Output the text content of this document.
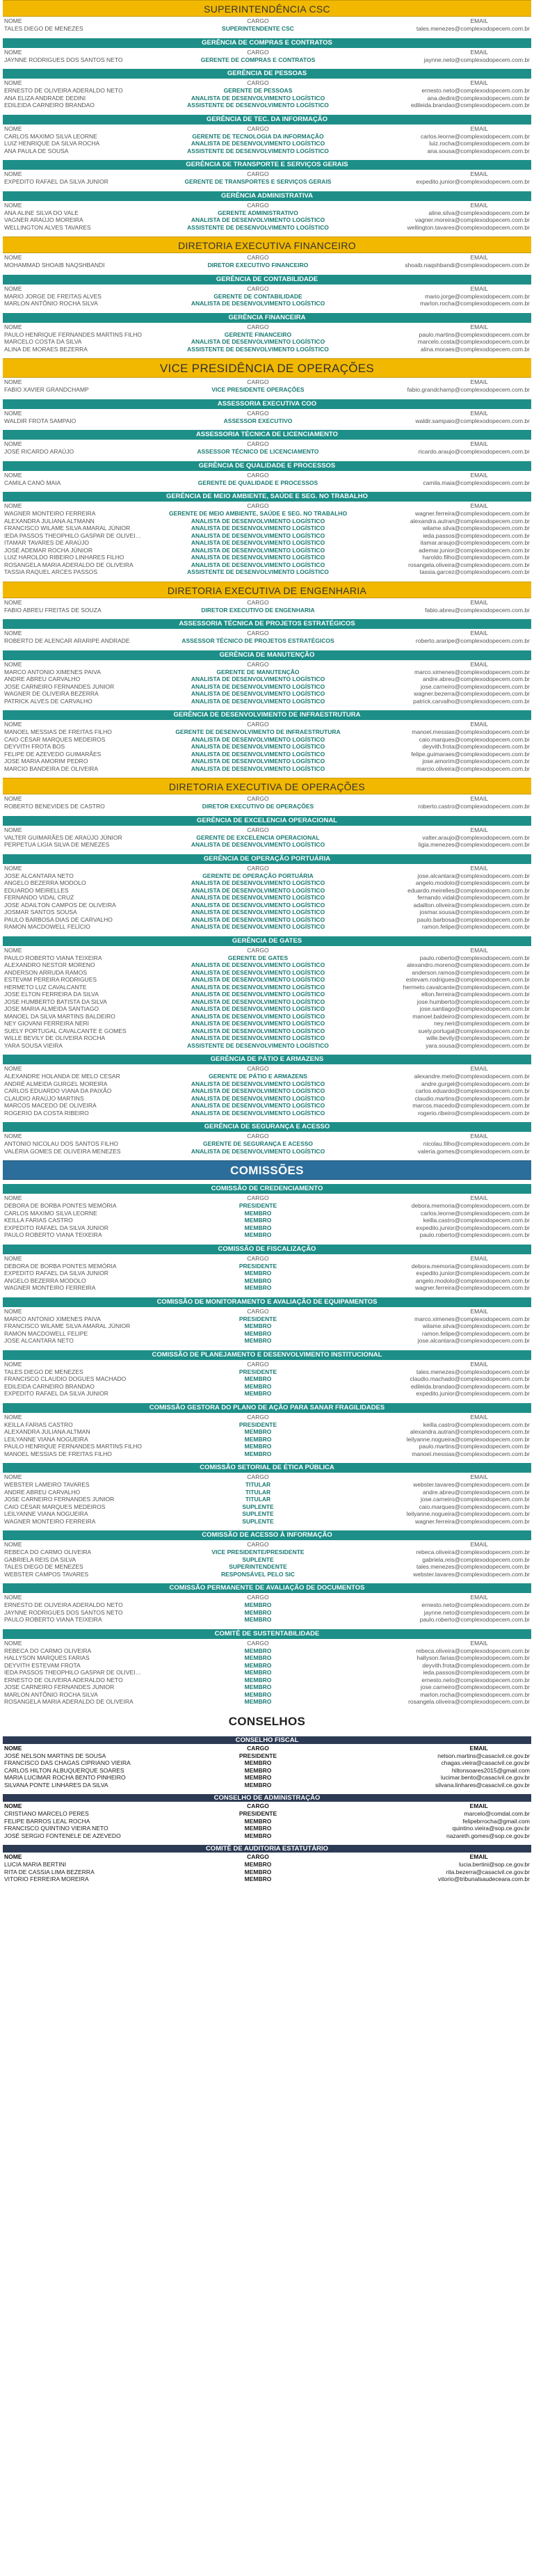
SUPERINTENDÊNCIA CSC
NOME	CARGO	EMAIL
TALES DIEGO DE MENEZES	SUPERINTENDENTE CSC	tales.menezes@complexodopecem.com.br
GERÊNCIA DE COMPRAS E CONTRATOS
NOME	CARGO	EMAIL
JAYNNE RODRIGUES DOS SANTOS NETO	GERENTE DE COMPRAS E CONTRATOS	jaynne.neto@complexodopecem.com.br
GERÊNCIA DE PESSOAS
NOME	CARGO	EMAIL
ERNESTO DE OLIVEIRA ADERALDO NETO	GERENTE DE PESSOAS	ernesto.neto@complexodopecem.com.br
ANA ELIZA ANDRADE DEDINI	ANALISTA DE DESENVOLVIMENTO LOGÍSTICO	ana.dedini@complexodopecem.com.br
EDILEIDA CARNEIRO BRANDAO	ASSISTENTE DE DESENVOLVIMENTO LOGÍSTICO	edileida.brandao@complexodopecem.com.br
GERÊNCIA DE TEC. DA INFORMAÇÃO
NOME	CARGO	EMAIL
CARLOS MAXIMO SILVA LEORNE	GERENTE DE TECNOLOGIA DA INFORMAÇÃO	carlos.leorne@complexodopecem.com.br
LUIZ HENRIQUE DA SILVA ROCHA	ANALISTA DE DESENVOLVIMENTO LOGÍSTICO	luiz.rocha@complexodopecem.com.br
ANA PAULA DE SOUSA	ASSISTENTE DE DESENVOLVIMENTO LOGÍSTICO	ana.sousa@complexodopecem.com.br
GERÊNCIA DE TRANSPORTE E SERVIÇOS GERAIS
NOME	CARGO	EMAIL
EXPEDITO RAFAEL DA SILVA JUNIOR	GERENTE DE TRANSPORTES E SERVIÇOS GERAIS	expedito.junior@complexodopecem.com.br
GERÊNCIA ADMINISTRATIVA
NOME	CARGO	EMAIL
ANA ALINE SILVA DO VALE	GERENTE ADMINISTRATIVO	aline.silva@complexodopecem.com.br
VAGNER ARAÚJO MOREIRA	ANALISTA DE DESENVOLVIMENTO LOGÍSTICO	vagner.moreira@complexodopecem.com.br
WELLINGTON ALVES TAVARES	ASSISTENTE DE DESENVOLVIMENTO LOGÍSTICO	wellington.tavares@complexodopecem.com.br
DIRETORIA EXECUTIVA FINANCEIRO
NOME	CARGO	EMAIL
MOHAMMAD SHOAIB NAQSHBANDI	DIRETOR EXECUTIVO FINANCEIRO	shoaib.naqshbandi@complexodopecem.com.br
GERÊNCIA DE CONTABILIDADE
NOME	CARGO	EMAIL
MARIO JORGE DE FREITAS ALVES	GERENTE DE CONTABILIDADE	mario.jorge@complexodopecem.com.br
MARLON ANTÔNIO ROCHA SILVA	ANALISTA DE DESENVOLVIMENTO LOGÍSTICO	marlon.rocha@complexodopecem.com.br
GERÊNCIA FINANCEIRA
NOME	CARGO	EMAIL
PAULO HENRIQUE FERNANDES MARTINS FILHO	GERENTE FINANCEIRO	paulo.martins@complexodopecem.com.br
MARCELO COSTA DA SILVA	ANALISTA DE DESENVOLVIMENTO LOGÍSTICO	marcelo.costa@complexodopecem.com.br
ALINA DE MORAES BEZERRA	ASSISTENTE DE DESENVOLVIMENTO LOGÍSTICO	alina.moraes@complexodopecem.com.br
VICE PRESIDÊNCIA DE OPERAÇÕES
NOME	CARGO	EMAIL
FABIO XAVIER GRANDCHAMP	VICE PRESIDENTE OPERAÇÕES	fabio.grandchamp@complexodopecem.com.br
ASSESSORIA EXECUTIVA COO
NOME	CARGO	EMAIL
WALDIR FROTA SAMPAIO	ASSESSOR EXECUTIVO	waldir.sampaio@complexodopecem.com.br
ASSESSORIA TÉCNICA DE LICENCIAMENTO
NOME	CARGO	EMAIL
JOSÉ RICARDO ARAÚJO	ASSESSOR TÉCNICO DE LICENCIAMENTO	ricardo.araujo@complexodopecem.com.br
GERÊNCIA DE QUALIDADE E PROCESSOS
NOME	CARGO	EMAIL
CAMILA CANÓ MAIA	GERENTE DE QUALIDADE E PROCESSOS	camila.maia@complexodopecem.com.br
GERÊNCIA DE MEIO AMBIENTE, SAÚDE E SEG. NO TRABALHO
NOME	CARGO	EMAIL
WAGNER MONTEIRO FERREIRA	GERENTE DE MEIO AMBIENTE, SAÚDE E SEG. NO TRABALHO	wagner.ferreira@complexodopecem.com.br
ALEXANDRA JULIANA ALTMANN	ANALISTA DE DESENVOLVIMENTO LOGÍSTICO	alexandra.autran@complexodopecem.com.br
FRANCISCO WILAME SILVA AMARAL JÚNIOR	ANALISTA DE DESENVOLVIMENTO LOGÍSTICO	wilame.silva@complexodopecem.com.br
IEDA PASSOS THEOPHILO GASPAR DE OLIVEIRA	ANALISTA DE DESENVOLVIMENTO LOGÍSTICO	ieda.passos@complexodopecem.com.br
ITAMAR TAVARES DE ARAÚJO	ANALISTA DE DESENVOLVIMENTO LOGÍSTICO	itamar.araujo@complexodopecem.com.br
JOSÉ ADEMAR ROCHA JÚNIOR	ANALISTA DE DESENVOLVIMENTO LOGÍSTICO	ademar.junior@complexodopecem.com.br
LUIZ HAROLDO RIBEIRO LINHARES FILHO	ANALISTA DE DESENVOLVIMENTO LOGÍSTICO	haroldo.filho@complexodopecem.com.br
ROSANGELA MARIA ADERALDO DE OLIVEIRA	ANALISTA DE DESENVOLVIMENTO LOGÍSTICO	rosangela.oliveira@complexodopecem.com.br
TASSIA RAQUEL ARCES PASSOS	ASSISTENTE DE DESENVOLVIMENTO LOGÍSTICO	tassia.garcez@complexodopecem.com.br
DIRETORIA EXECUTIVA DE ENGENHARIA
NOME	CARGO	EMAIL
FABIO ABREU FREITAS DE SOUZA	DIRETOR EXECUTIVO DE ENGENHARIA	fabio.abreu@complexodopecem.com.br
ASSESSORIA TÉCNICA DE PROJETOS ESTRATÉGICOS
NOME	CARGO	EMAIL
ROBERTO DE ALENCAR ARARIPE ANDRADE	ASSESSOR TÉCNICO DE PROJETOS ESTRATÉGICOS	roberto.araripe@complexodopecem.com.br
GERÊNCIA DE MANUTENÇÃO
NOME	CARGO	EMAIL
MARCO ANTONIO XIMENES PAIVA	GERENTE DE MANUTENÇÃO	marco.ximenes@complexodopecem.com.br
ANDRE ABREU CARVALHO	ANALISTA DE DESENVOLVIMENTO LOGÍSTICO	andre.abreu@complexodopecem.com.br
JOSE CARNEIRO FERNANDES JUNIOR	ANALISTA DE DESENVOLVIMENTO LOGÍSTICO	jose.carneiro@complexodopecem.com.br
WAGNER DE OLIVEIRA BEZERRA	ANALISTA DE DESENVOLVIMENTO LOGÍSTICO	wagner.bezerra@complexodopecem.com.br
PATRICK ALVES DE CARVALHO	ANALISTA DE DESENVOLVIMENTO LOGÍSTICO	patrick.carvalho@complexodopecem.com.br
GERÊNCIA DE DESENVOLVIMENTO DE INFRAESTRUTURA
NOME	CARGO	EMAIL
MANOEL MESSIAS DE FREITAS FILHO	GERENTE DE DESENVOLVIMENTO DE INFRAESTRUTURA	manoel.messias@complexodopecem.com.br
CAIO CÉSAR MARQUES MEDEIROS	ANALISTA DE DESENVOLVIMENTO LOGÍSTICO	caio.marques@complexodopecem.com.br
DEYVITH FROTA BOS	ANALISTA DE DESENVOLVIMENTO LOGÍSTICO	deyvith.frota@complexodopecem.com.br
FELIPE DE AZEVEDO GUIMARÃES	ANALISTA DE DESENVOLVIMENTO LOGÍSTICO	felipe.guimaraes@complexodopecem.com.br
JOSE MARIA AMORIM PEDRO	ANALISTA DE DESENVOLVIMENTO LOGÍSTICO	jose.amorim@complexodopecem.com.br
MARCIO BANDEIRA DE OLIVEIRA	ANALISTA DE DESENVOLVIMENTO LOGÍSTICO	marcio.oliveira@complexodopecem.com.br
DIRETORIA EXECUTIVA DE OPERAÇÕES
NOME	CARGO	EMAIL
ROBERTO BENEVIDES DE CASTRO	DIRETOR EXECUTIVO DE OPERAÇÕES	roberto.castro@complexodopecem.com.br
GERÊNCIA DE EXCELENCIA OPERACIONAL
NOME	CARGO	EMAIL
VALTER GUIMARÃES DE ARAÚJO JÚNIOR	GERENTE DE EXCELENCIA OPERACIONAL	valter.araujo@complexodopecem.com.br
PERPETUA LIGIA SILVA DE MENEZES	ANALISTA DE DESENVOLVIMENTO LOGÍSTICO	ligia.menezes@complexodopecem.com.br
GERÊNCIA DE OPERAÇÃO PORTUÁRIA
NOME	CARGO	EMAIL
JOSE ALCANTARA NETO	GERENTE DE OPERAÇÃO PORTUÁRIA	jose.alcantara@complexodopecem.com.br
ANGELO BEZERRA MODOLO	ANALISTA DE DESENVOLVIMENTO LOGÍSTICO	angelo.modolo@complexodopecem.com.br
EDUARDO MEIRELLES	ANALISTA DE DESENVOLVIMENTO LOGÍSTICO	eduardo.meirelles@complexodopecem.com.br
FERNANDO VIDAL CRUZ	ANALISTA DE DESENVOLVIMENTO LOGÍSTICO	fernando.vidal@complexodopecem.com.br
JOSE ADAILTON CAMPOS DE OLIVEIRA	ANALISTA DE DESENVOLVIMENTO LOGÍSTICO	adailton.oliveira@complexodopecem.com.br
JOSMAR SANTOS SOUSA	ANALISTA DE DESENVOLVIMENTO LOGÍSTICO	josmar.sousa@complexodopecem.com.br
PAULO BARBOSA DIAS DE CARVALHO	ANALISTA DE DESENVOLVIMENTO LOGÍSTICO	paulo.barbosa@complexodopecem.com.br
RAMON MACDOWELL FELÍCIO	ANALISTA DE DESENVOLVIMENTO LOGÍSTICO	ramon.felipe@complexodopecem.com.br
GERÊNCIA DE GATES
NOME	CARGO	EMAIL
PAULO ROBERTO VIANA TEIXEIRA	GERENTE DE GATES	paulo.roberto@complexodopecem.com.br
ALEXANDRO NESTOR MORENO	ANALISTA DE DESENVOLVIMENTO LOGÍSTICO	alexandro.moreno@complexodopecem.com.br
ANDERSON ARRUDA RAMOS	ANALISTA DE DESENVOLVIMENTO LOGÍSTICO	anderson.ramos@complexodopecem.com.br
ESTEVAM PEREIRA RODRIGUES	ANALISTA DE DESENVOLVIMENTO LOGÍSTICO	estevam.rodrigues@complexodopecem.com.br
HERMETO LUZ CAVALCANTE	ANALISTA DE DESENVOLVIMENTO LOGÍSTICO	hermeto.cavalcante@complexodopecem.com.br
JOSE ELTON FERREIRA DA SILVA	ANALISTA DE DESENVOLVIMENTO LOGÍSTICO	elton.ferreira@complexodopecem.com.br
JOSE HUMBERTO BATISTA DA SILVA	ANALISTA DE DESENVOLVIMENTO LOGÍSTICO	jose.humberto@complexodopecem.com.br
JOSE MARIA ALMEIDA SANTIAGO	ANALISTA DE DESENVOLVIMENTO LOGÍSTICO	jose.santiago@complexodopecem.com.br
MANOEL DA SILVA MARTINS BALDEIRO	ANALISTA DE DESENVOLVIMENTO LOGÍSTICO	manoel.baldeiro@complexodopecem.com.br
NEY GIOVANI FERREIRA NERI	ANALISTA DE DESENVOLVIMENTO LOGÍSTICO	ney.neri@complexodopecem.com.br
SUELY PORTUGAL CAVALCANTE E GOMES	ANALISTA DE DESENVOLVIMENTO LOGÍSTICO	suely.portugal@complexodopecem.com.br
WILLE BEVILY DE OLIVEIRA ROCHA	ANALISTA DE DESENVOLVIMENTO LOGÍSTICO	wille.bevily@complexodopecem.com.br
YARA SOUSA VIEIRA	ASSISTENTE DE DESENVOLVIMENTO LOGÍSTICO	yara.sousa@complexodopecem.com.br
GERÊNCIA DE PÁTIO E ARMAZENS
NOME	CARGO	EMAIL
ALEXANDRE HOLANDA DE MELO CESAR	GERENTE DE PÁTIO E ARMAZENS	alexandre.melo@complexodopecem.com.br
ANDRÉ ALMEIDA GURGEL MOREIRA	ANALISTA DE DESENVOLVIMENTO LOGÍSTICO	andre.gurgel@complexodopecem.com.br
CARLOS EDUARDO VIANA DA PAIXÃO	ANALISTA DE DESENVOLVIMENTO LOGÍSTICO	carlos.eduardo@complexodopecem.com.br
CLAUDIO ARAÚJO MARTINS	ANALISTA DE DESENVOLVIMENTO LOGÍSTICO	claudio.martins@complexodopecem.com.br
MARCOS MACEDO DE OLIVEIRA	ANALISTA DE DESENVOLVIMENTO LOGÍSTICO	marcos.macedo@complexodopecem.com.br
ROGERIO DA COSTA RIBEIRO	ANALISTA DE DESENVOLVIMENTO LOGÍSTICO	rogerio.ribeiro@complexodopecem.com.br
GERÊNCIA DE SEGURANÇA E ACESSO
NOME	CARGO	EMAIL
ANTONIO NICOLAU DOS SANTOS FILHO	GERENTE DE SEGURANÇA E ACESSO	nicolau.filho@complexodopecem.com.br
VALÉRIA GOMES DE OLIVEIRA MENEZES	ANALISTA DE DESENVOLVIMENTO LOGÍSTICO	valeria.gomes@complexodopecem.com.br
COMISSÕES
COMISSÃO DE CREDENCIAMENTO
NOME	CARGO	EMAIL
DEBORA DE BORBA PONTES MEMÓRIA	PRESIDENTE	debora.memoria@complexodopecem.com.br
CARLOS MAXIMO SILVA LEORNE	MEMBRO	carlos.leorne@complexodopecem.com.br
KEILLA FARIAS CASTRO	MEMBRO	keilla.castro@complexodopecem.com.br
EXPEDITO RAFAEL DA SILVA JUNIOR	MEMBRO	expedito.junior@complexodopecem.com.br
PAULO ROBERTO VIANA TEIXEIRA	MEMBRO	paulo.roberto@complexodopecem.com.br
COMISSÃO DE FISCALIZAÇÃO
NOME	CARGO	EMAIL
DEBORA DE BORBA PONTES MEMÓRIA	PRESIDENTE	debora.memoria@complexodopecem.com.br
EXPEDITO RAFAEL DA SILVA JUNIOR	MEMBRO	expedito.junior@complexodopecem.com.br
ANGELO BEZERRA MODOLO	MEMBRO	angelo.modolo@complexodopecem.com.br
WAGNER MONTEIRO FERREIRA	MEMBRO	wagner.ferreira@complexodopecem.com.br
COMISSÃO DE MONITORAMENTO E AVALIAÇÃO DE EQUIPAMENTOS
NOME	CARGO	EMAIL
MARCO ANTONIO XIMENES PAIVA	PRESIDENTE	marco.ximenes@complexodopecem.com.br
FRANCISCO WILAME SILVA AMARAL JÚNIOR	MEMBRO	wilame.silva@complexodopecem.com.br
RAMON MACDOWELL FELIPE	MEMBRO	ramon.felipe@complexodopecem.com.br
JOSE ALCANTARA NETO	MEMBRO	jose.alcantara@complexodopecem.com.br
COMISSÃO DE PLANEJAMENTO E DESENVOLVIMENTO INSTITUCIONAL
NOME	CARGO	EMAIL
TALES DIEGO DE MENEZES	PRESIDENTE	tales.menezes@complexodopecem.com.br
FRANCISCO CLAUDIO DOGUES MACHADO	MEMBRO	claudio.machado@complexodopecem.com.br
EDILEIDA CARNEIRO BRANDAO	MEMBRO	edileida.brandao@complexodopecem.com.br
EXPEDITO RAFAEL DA SILVA JUNIOR	MEMBRO	expedito.junior@complexodopecem.com.br
COMISSÃO GESTORA DO PLANO DE AÇÃO PARA SANAR FRAGILIDADES
NOME	CARGO	EMAIL
KEILLA FARIAS CASTRO	PRESIDENTE	keilla.castro@complexodopecem.com.br
ALEXANDRA JULIANA ALTMAN	MEMBRO	alexandra.autran@complexodopecem.com.br
LEILYANNE VIANA NOGUEIRA	MEMBRO	leilyanne.nogueira@complexodopecem.com.br
PAULO HENRIQUE FERNANDES MARTINS FILHO	MEMBRO	paulo.martins@complexodopecem.com.br
MANOEL MESSIAS DE FREITAS FILHO	MEMBRO	manoel.messias@complexodopecem.com.br
COMISSÃO SETORIAL DE ÉTICA PÚBLICA
NOME	CARGO	EMAIL
WEBSTER LAMEIRO TAVARES	TITULAR	webster.tavares@complexodopecem.com.br
ANDRE ABREU CARVALHO	TITULAR	andre.abreu@complexodopecem.com.br
JOSE CARNEIRO FERNANDES JUNIOR	TITULAR	jose.carneiro@complexodopecem.com.br
CAIO CÉSAR MARQUES MEDEIROS	SUPLENTE	caio.marques@complexodopecem.com.br
LEILYANNE VIANA NOGUEIRA	SUPLENTE	leilyanne.nogueira@complexodopecem.com.br
WAGNER MONTEIRO FERREIRA	SUPLENTE	wagner.ferreira@complexodopecem.com.br
COMISSÃO DE ACESSO À INFORMAÇÃO
NOME	CARGO	EMAIL
REBECA DO CARMO OLIVEIRA	VICE PRESIDENTE/PRESIDENTE	rebeca.oliveira@complexodopecem.com.br
GABRIELA REIS DA SILVA	SUPLENTE	gabriela.reis@complexodopecem.com.br
TALES DIEGO DE MENEZES	SUPERINTENDENTE	tales.menezes@complexodopecem.com.br
WEBSTER CAMPOS TAVARES	RESPONSÁVEL PELO SIC	webster.tavares@complexodopecem.com.br
COMISSÃO PERMANENTE DE AVALIAÇÃO DE DOCUMENTOS
NOME	CARGO	EMAIL
ERNESTO DE OLIVEIRA ADERALDO NETO	MEMBRO	ernesto.neto@complexodopecem.com.br
JAYNNE RODRIGUES DOS SANTOS NETO	MEMBRO	jaynne.neto@complexodopecem.com.br
PAULO ROBERTO VIANA TEIXEIRA	MEMBRO	paulo.roberto@complexodopecem.com.br
COMITÊ DE SUSTENTABILIDADE
NOME	CARGO	EMAIL
REBECA DO CARMO OLIVEIRA	MEMBRO	rebeca.oliveira@complexodopecem.com.br
HALLYSON MARQUES FARIAS	MEMBRO	hallyson.farias@complexodopecem.com.br
DEYVITH ESTEVAM FROTA	MEMBRO	deyvith.frota@complexodopecem.com.br
IEDA PASSOS THEOPHILO GASPAR DE OLIVEIRA	MEMBRO	ieda.passos@complexodopecem.com.br
ERNESTO DE OLIVEIRA ADERALDO NETO	MEMBRO	ernesto.neto@complexodopecem.com.br
JOSE CARNEIRO FERNANDES JUNIOR	MEMBRO	jose.carneiro@complexodopecem.com.br
MARLON ANTÔNIO ROCHA SILVA	MEMBRO	marlon.rocha@complexodopecem.com.br
ROSANGELA MARIA ADERALDO DE OLIVEIRA	MEMBRO	rosangela.oliveira@complexodopecem.com.br
CONSELHOS
CONSELHO FISCAL
NOME	CARGO	EMAIL
JOSÉ NELSON MARTINS DE SOUSA	PRESIDENTE	nelson.martins@casacivil.ce.gov.br
FRANCISCO DAS CHAGAS CIPRIANO VIEIRA	MEMBRO	chagas.vieira@casacivil.ce.gov.br
CARLOS HILTON ALBUQUERQUE SOARES	MEMBRO	hiltonsoares2015@gmail.com
MARIA LUCIMAR ROCHA BENTO PINHEIRO	MEMBRO	lucimar.bento@casacivil.ce.gov.br
SILVANA PONTE LINHARES DA SILVA	MEMBRO	silvana.linhares@casacivil.ce.gov.br
CONSELHO DE ADMINISTRAÇÃO
NOME	CARGO	EMAIL
CRISTIANO MARCELO PERES	PRESIDENTE	marcelo@comdal.com.br
FELIPE BARROS LEAL ROCHA	MEMBRO	felipebrrocha@gmail.com
FRANCISCO QUINTINO VIEIRA NETO	MEMBRO	quintino.vieira@sop.ce.gov.br
JOSÉ SERGIO FONTENELE DE AZEVEDO	MEMBRO	nazareth.gomes@sop.ce.gov.br
COMITÊ DE AUDITORIA ESTATUTÁRIO
NOME	CARGO	EMAIL
LUCIA MARIA BERTINI	MEMBRO	lucia.bertini@sop.ce.gov.br
RITA DE CASSIA LIMA BEZERRA	MEMBRO	rita.bezerra@casacivil.ce.gov.br
VITORIO FERREIRA MOREIRA	MEMBRO	vitorio@tribunalsaudeceara.com.br
